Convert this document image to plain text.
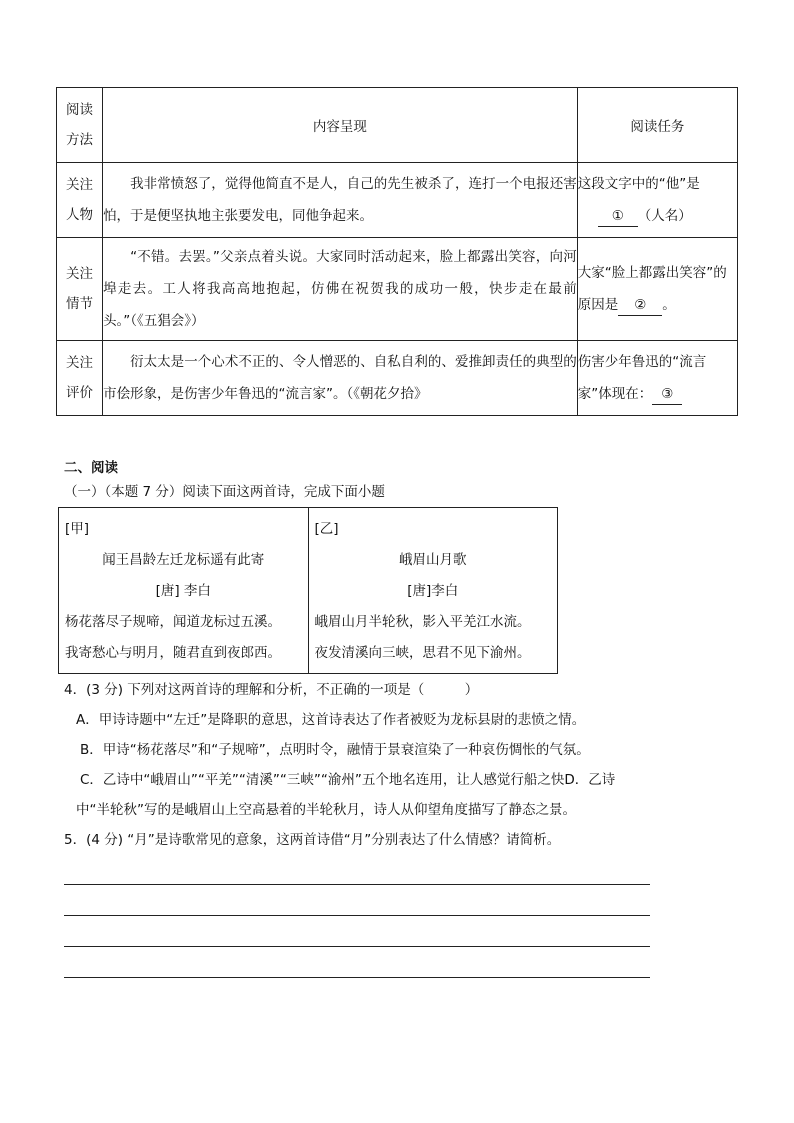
阅读
方法	内容呈现	阅读任务

关注
人物	我非常愤怒了，觉得他简直不是人，自己的先生被杀了，连打一个电报还害怕，于是便坚执地主张要发电，同他争起来。	这段文字中的“他”是
① （人名）

关注
情节	“不错。去罢。”父亲点着头说。大家同时活动起来，脸上都露出笑容，向河埠走去。工人将我高高地抱起，仿佛在祝贺我的成功一般，快步走在最前头。”（《五猖会》）	大家“脸上都露出笑容”的原因是 ② 。

关注
评价	衍太太是一个心术不正的、令人憎恶的、自私自利的、爱推卸责任的典型的市侩形象，是伤害少年鲁迅的“流言家”。（《朝花夕拾》	伤害少年鲁迅的“流言家”体现在： ③
二、阅读
（一）（本题 7 分）阅读下面这两首诗，完成下面小题
[甲]
闻王昌龄左迁龙标遥有此寄
[唐] 李白
杨花落尽子规啼，闻道龙标过五溪。
我寄愁心与明月，随君直到夜郎西。

[乙]
峨眉山月歌
[唐]李白
峨眉山月半轮秋，影入平羌江水流。
夜发清溪向三峡，思君不见下渝州。
4．(3 分) 下列对这两首诗的理解和分析，不正确的一项是（　　　）
A．甲诗诗题中“左迁”是降职的意思，这首诗表达了作者被贬为龙标县尉的悲愤之情。
B．甲诗“杨花落尽”和“子规啼”，点明时令，融情于景衰渲染了一种哀伤惆怅的气氛。
C．乙诗中“峨眉山”“平羌”“清溪”“三峡”“渝州”五个地名连用，让人感觉行船之快D．乙诗
中“半轮秋”写的是峨眉山上空高悬着的半轮秋月，诗人从仰望角度描写了静态之景。
5．(4 分) “月”是诗歌常见的意象，这两首诗借“月”分别表达了什么情感？请简析。
